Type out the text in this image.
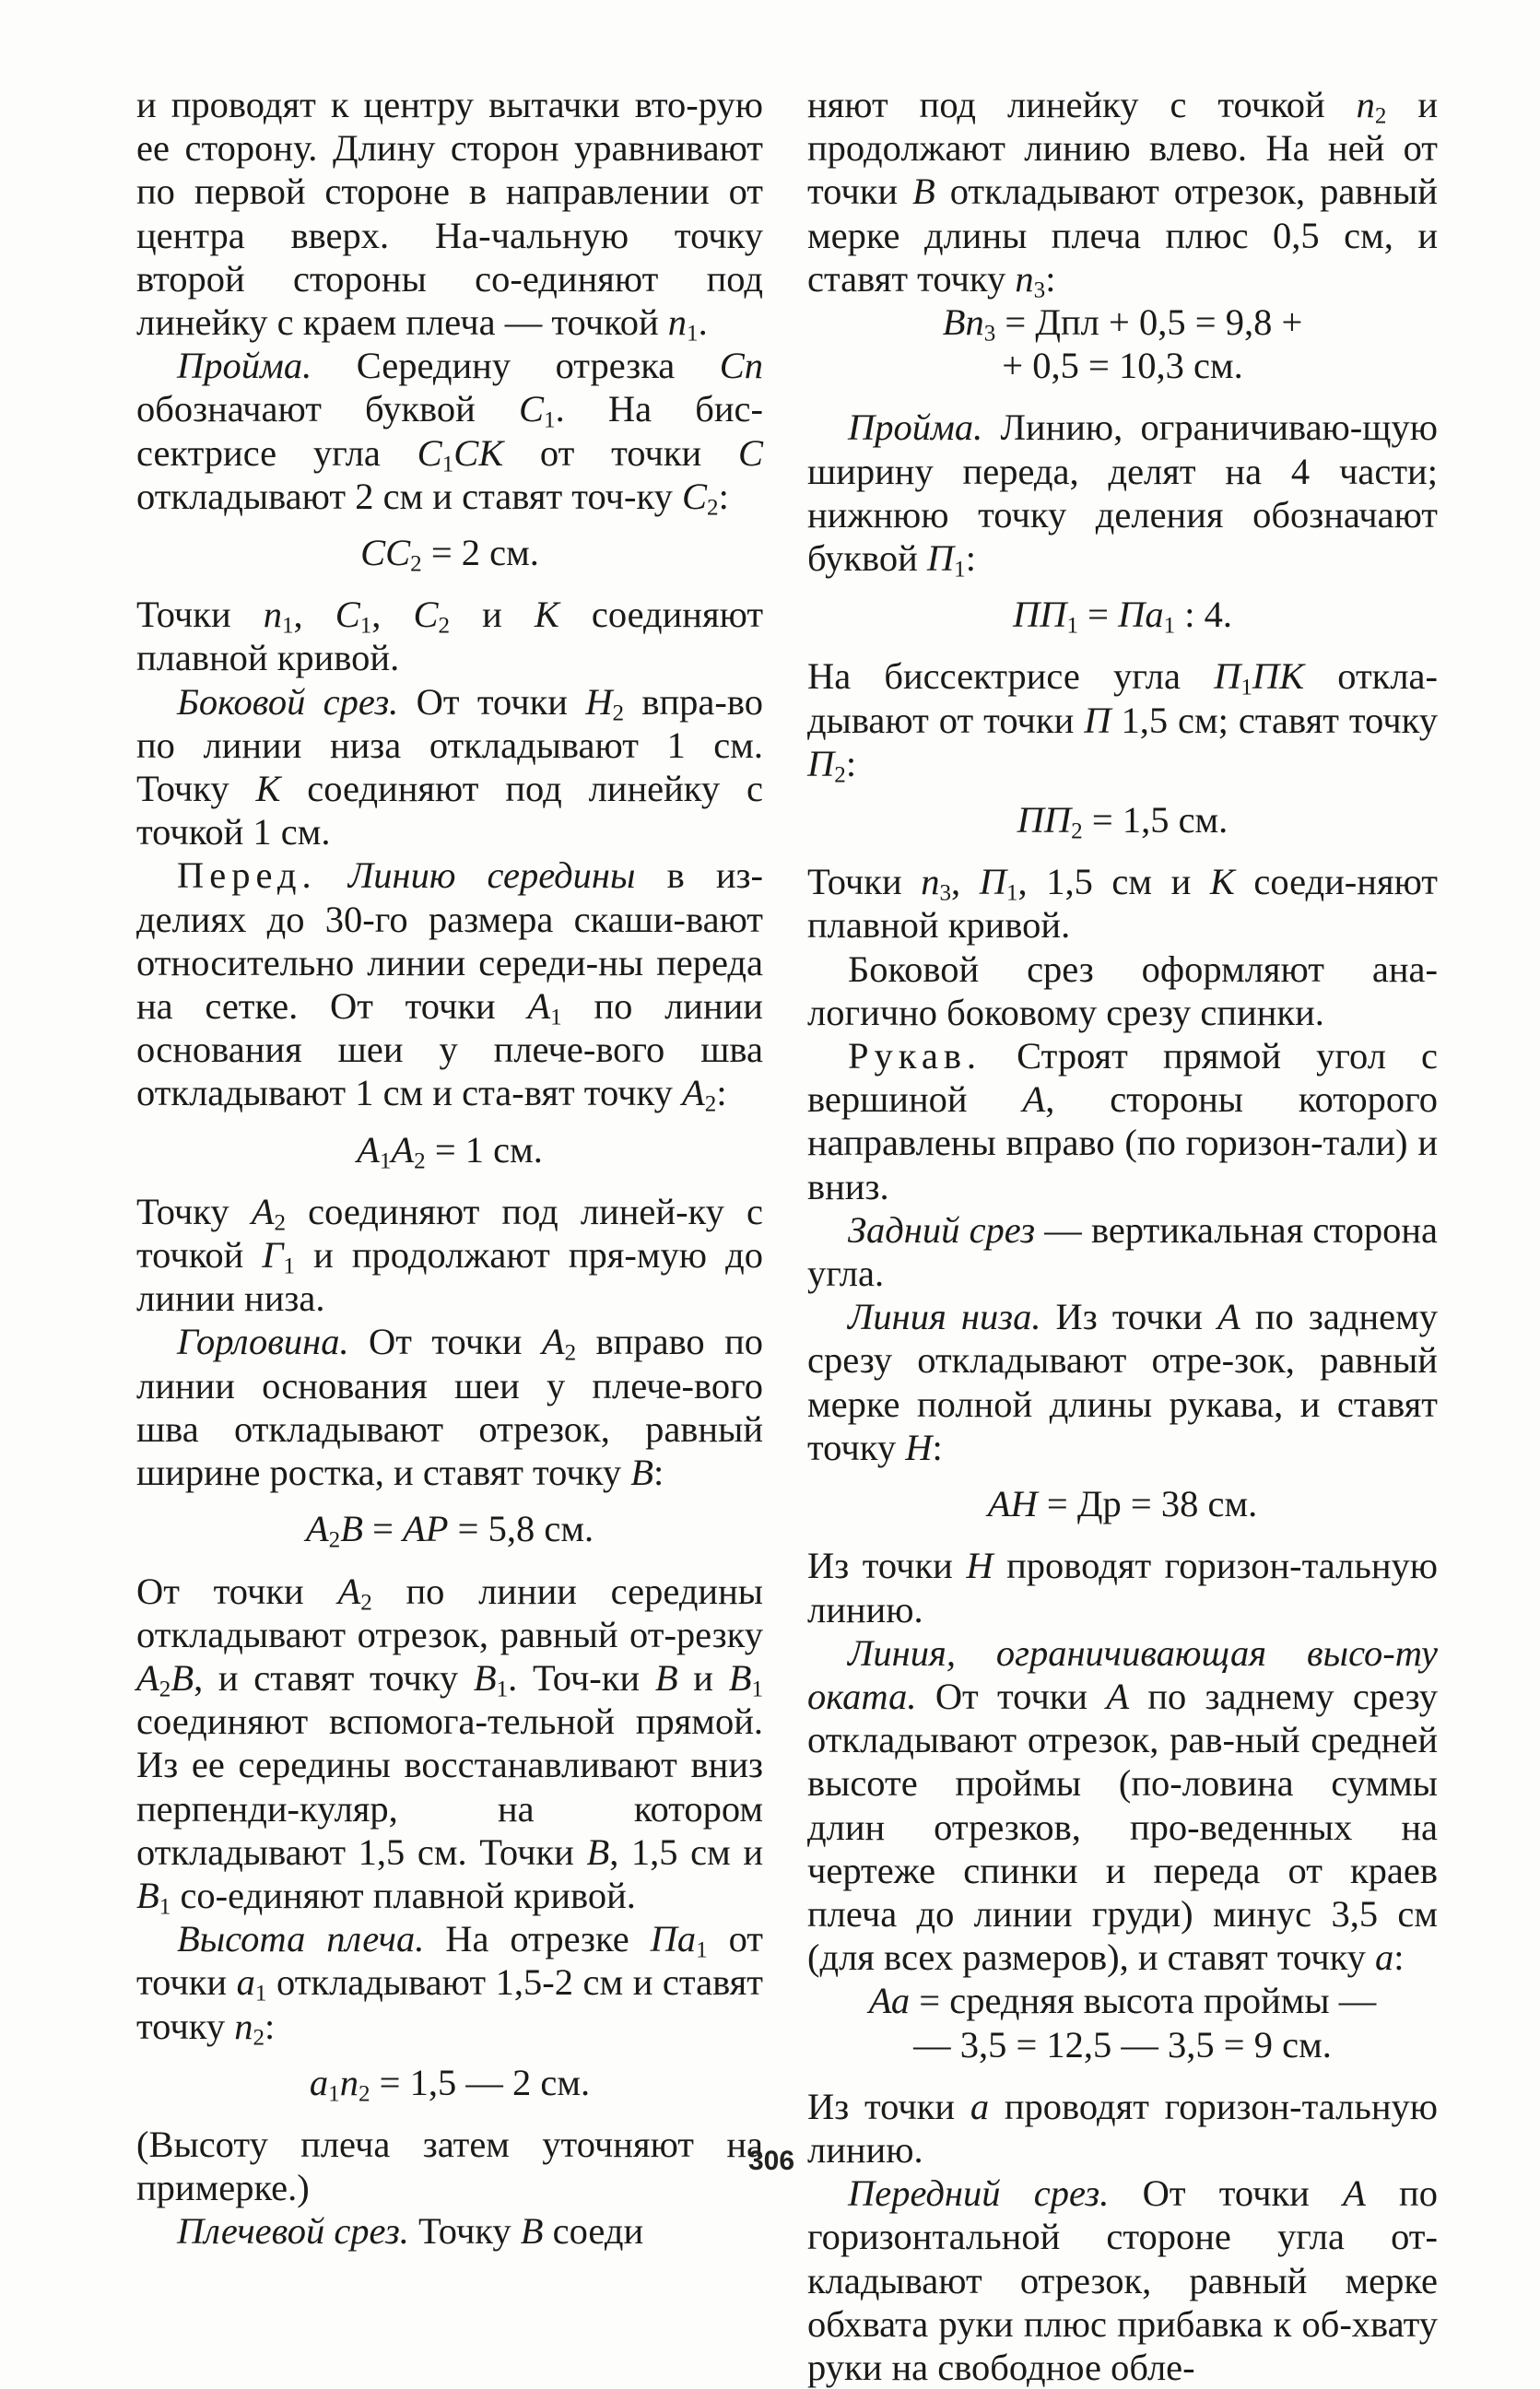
и проводят к центру вытачки вто-рую ее сторону. Длину сторон уравнивают по первой стороне в направлении от центра вверх. На-чальную точку второй стороны со-единяют под линейку с краем плеча — точкой $п_1$.

Пройма. Середину отрезка Сп обозначают буквой $С_1$. На бис-сектрисе угла $С_1СК$ от точки С откладывают 2 см и ставят точ-ку $С_2$:

$СС_2 = 2$ см.

Точки $п_1$, $С_1$, $С_2$ и К соединяют плавной кривой.

Боковой срез. От точки $Н_2$ впра-во по линии низа откладывают 1 см. Точку К соединяют под линейку с точкой 1 см.

Перед. Линию середины в из-делиях до 30-го размера скаши-вают относительно линии середи-ны переда на сетке. От точки $А_1$ по линии основания шеи у плече-вого шва откладывают 1 см и ста-вят точку $А_2$:

$А_1А_2 = 1$ см.

Точку $А_2$ соединяют под линей-ку с точкой $Г_1$ и продолжают пря-мую до линии низа.

Горловина. От точки $А_2$ вправо по линии основания шеи у плече-вого шва откладывают отрезок, равный ширине ростка, и ставят точку В:

$А_2В$ = АР = 5,8 см.

От точки $А_2$ по линии середины откладывают отрезок, равный от-резку $А_2В$, и ставят точку $В_1$. Точ-ки В и $В_1$ соединяют вспомога-тельной прямой. Из ее середины восстанавливают вниз перпенди-куляр, на котором откладывают 1,5 см. Точки В, 1,5 см и $В_1$ со-единяют плавной кривой.

Высота плеча. На отрезке $Па_1$ от точки $а_1$ откладывают 1,5-2 см и ставят точку $п_2$:

$а_1п_2 = 1,5$ — 2 см.

(Высоту плеча затем уточняют на примерке.)

Плечевой срез. Точку В соеди

няют под линейку с точкой $п_2$ и продолжают линию влево. На ней от точки В откладывают отрезок, равный мерке длины плеча плюс 0,5 см, и ставят точку $п_3$:

$Вп_3$ = Дпл + 0,5 = 9,8 +

+ 0,5 = 10,3 см.

Пройма. Линию, ограничиваю-щую ширину переда, делят на 4 части; нижнюю точку деления обозначают буквой $П_1$:

$ПП_1 = Па_1$ : 4.

На биссектрисе угла $П_1ПК$ откла-дывают от точки П 1,5 см; ставят точку $П_2$:

$ПП_2 = 1,5$ см.

Точки $п_3$, $П_1$, 1,5 см и К соеди-няют плавной кривой.

Боковой срез оформляют ана-логично боковому срезу спинки.

Рукав. Строят прямой угол с вершиной А, стороны которого направлены вправо (по горизон-тали) и вниз.

Задний срез — вертикальная сторона угла.

Линия низа. Из точки А по заднему срезу откладывают отре-зок, равный мерке полной длины рукава, и ставят точку Н:

АН = Др = 38 см.

Из точки Н проводят горизон-тальную линию.

Линия, ограничивающая высо-ту оката. От точки А по заднему срезу откладывают отрезок, рав-ный средней высоте проймы (по-ловина суммы длин отрезков, про-веденных на чертеже спинки и переда от краев плеча до линии груди) минус 3,5 см (для всех размеров), и ставят точку а:

Аа = средняя высота проймы —

— 3,5 = 12,5 — 3,5 = 9 см.

Из точки а проводят горизон-тальную линию.

Передний срез. От точки А по горизонтальной стороне угла от-кладывают отрезок, равный мерке обхвата руки плюс прибавка к об-хвату руки на свободное обле-

306
